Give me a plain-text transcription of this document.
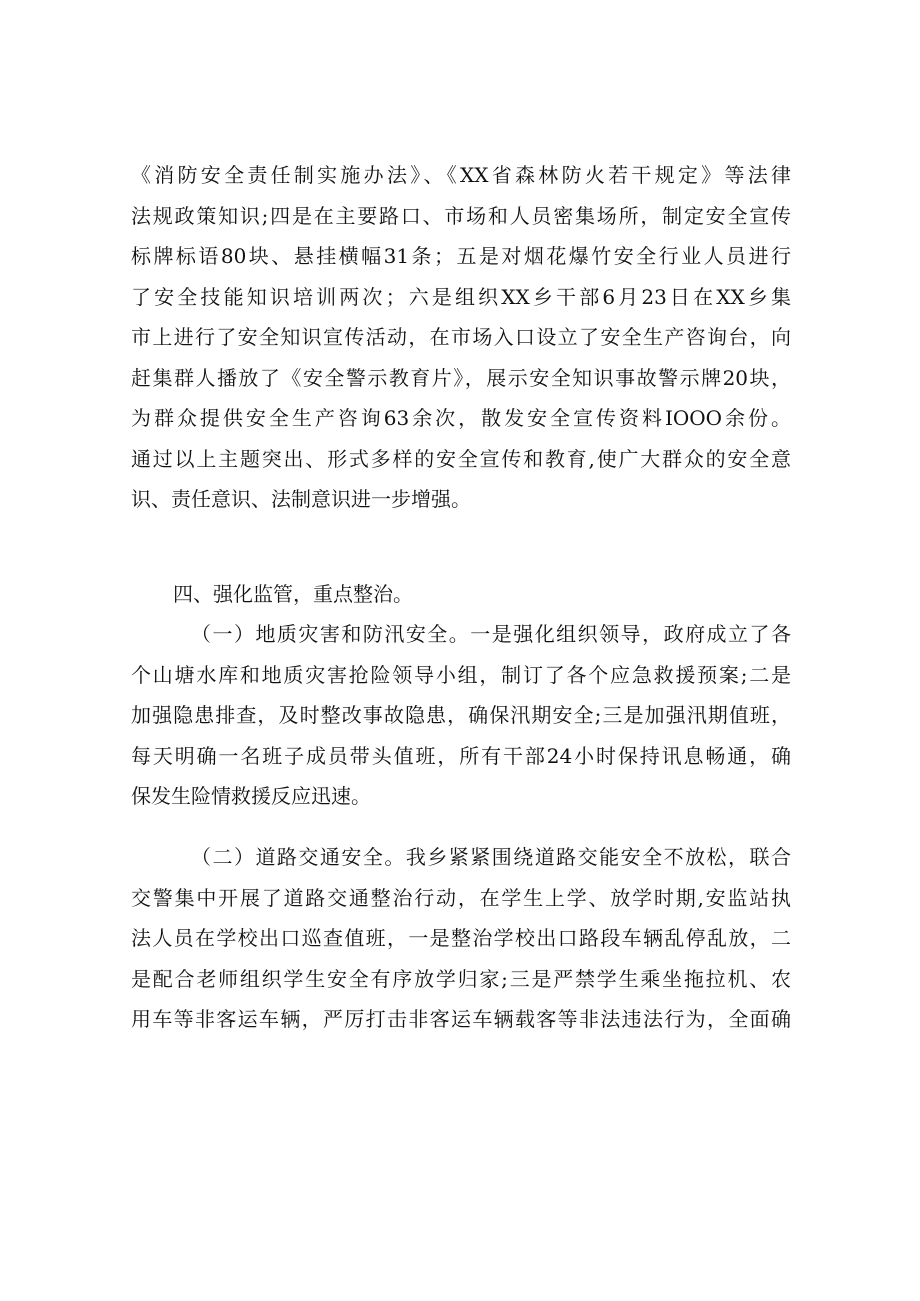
《消防安全责任制实施办法》、《XX省森林防火若干规定》等法律
法规政策知识;四是在主要路口、市场和人员密集场所，制定安全宣传
标牌标语80块、悬挂横幅31条；五是对烟花爆竹安全行业人员进行
了安全技能知识培训两次；六是组织XX乡干部6月23日在XX乡集
市上进行了安全知识宣传活动，在市场入口设立了安全生产咨询台，向
赶集群人播放了《安全警示教育片》，展示安全知识事故警示牌20块，
为群众提供安全生产咨询63余次，散发安全宣传资料IOOO余份。
通过以上主题突出、形式多样的安全宣传和教育,使广大群众的安全意
识、责任意识、法制意识进一步增强。
四、强化监管，重点整治。
（一）地质灾害和防汛安全。一是强化组织领导，政府成立了各
个山塘水库和地质灾害抢险领导小组，制订了各个应急救援预案;二是
加强隐患排查，及时整改事故隐患，确保汛期安全;三是加强汛期值班，
每天明确一名班子成员带头值班，所有干部24小时保持讯息畅通，确
保发生险情救援反应迅速。
（二）道路交通安全。我乡紧紧围绕道路交能安全不放松，联合
交警集中开展了道路交通整治行动，在学生上学、放学时期,安监站执
法人员在学校出口巡查值班，一是整治学校出口路段车辆乱停乱放，二
是配合老师组织学生安全有序放学归家;三是严禁学生乘坐拖拉机、农
用车等非客运车辆，严厉打击非客运车辆载客等非法违法行为，全面确
